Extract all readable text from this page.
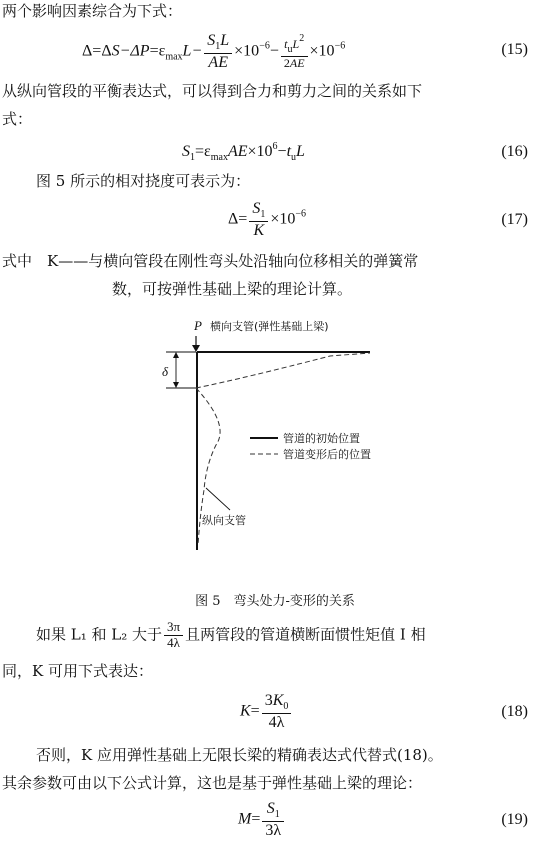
两个影响因素综合为下式：
$\Delta=\Delta S-\Delta P=\varepsilon_{max}L- \frac{S_1L}{AE} \times 10^{-6}- \frac{t_uL^2}{2AE} \times 10^{-6}$	(15)
从纵向管段的平衡表达式，可以得到合力和剪力之间的关系如下
式：
$S_1=\varepsilon_{max}AE\times 10^6-t_uL$	(16)
图 5 所示的相对挠度可表示为：
$\Delta= \frac{S_1}{K} \times 10^{-6}$	(17)
式中　K——与横向管段在刚性弯头处沿轴向位移相关的弹簧常
数，可按弹性基础上梁的理论计算。
P 横向支管(弹性基础上梁)
δ
管道的初始位置
管道变形后的位置
纵向支管
图 5　弯头处力-变形的关系
如果 L₁ 和 L₂ 大于 $\frac{3\pi}{4\lambda}$ 且两管段的管道横断面惯性矩值 I 相
同，K 可用下式表达：
$K= \frac{3K_0}{4\lambda}$	(18)
否则，K 应用弹性基础上无限长梁的精确表达式代替式(18)。
其余参数可由以下公式计算，这也是基于弹性基础上梁的理论：
$M= \frac{S_1}{3\lambda}$	(19)
